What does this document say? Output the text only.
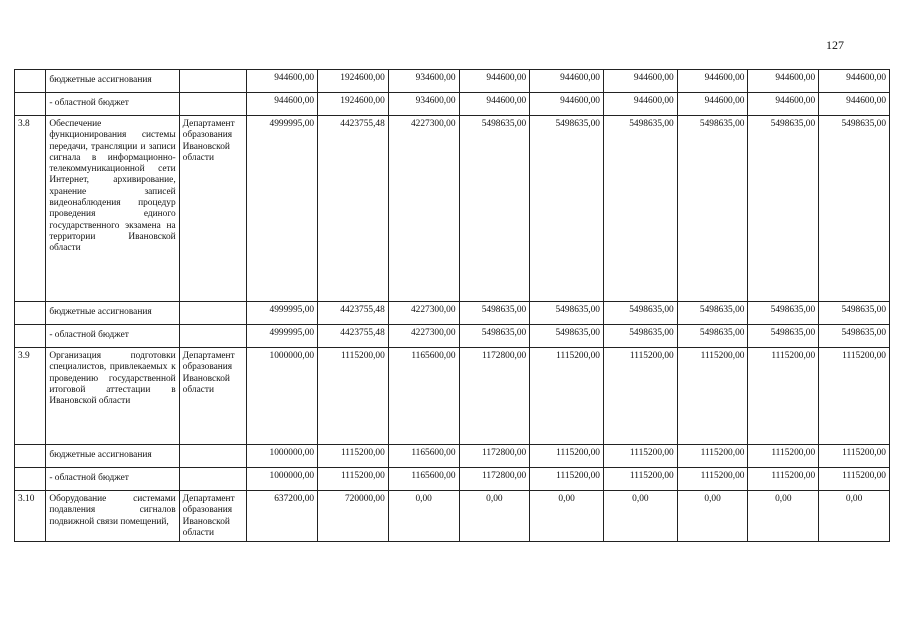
127
	бюджетные ассигнования		944600,00	1924600,00	934600,00	944600,00	944600,00	944600,00	944600,00	944600,00	944600,00
	- областной бюджет		944600,00	1924600,00	934600,00	944600,00	944600,00	944600,00	944600,00	944600,00	944600,00
3.8	Обеспечение функционирования системы передачи, трансляции и записи сигнала в информационно-телекоммуникационной сети Интернет, архивирование, хранение записей видеонаблюдения процедур проведения единого государственного экзамена на территории Ивановской области	Департамент образования Ивановской области	4999995,00	4423755,48	4227300,00	5498635,00	5498635,00	5498635,00	5498635,00	5498635,00	5498635,00
	бюджетные ассигнования		4999995,00	4423755,48	4227300,00	5498635,00	5498635,00	5498635,00	5498635,00	5498635,00	5498635,00
	- областной бюджет		4999995,00	4423755,48	4227300,00	5498635,00	5498635,00	5498635,00	5498635,00	5498635,00	5498635,00
3.9	Организация подготовки специалистов, привлекаемых к проведению государственной итоговой аттестации в Ивановской области	Департамент образования Ивановской области	1000000,00	1115200,00	1165600,00	1172800,00	1115200,00	1115200,00	1115200,00	1115200,00	1115200,00
	бюджетные ассигнования		1000000,00	1115200,00	1165600,00	1172800,00	1115200,00	1115200,00	1115200,00	1115200,00	1115200,00
	- областной бюджет		1000000,00	1115200,00	1165600,00	1172800,00	1115200,00	1115200,00	1115200,00	1115200,00	1115200,00
3.10	Оборудование системами подавления сигналов подвижной связи помещений,	Департамент образования Ивановской области	637200,00	720000,00	0,00	0,00	0,00	0,00	0,00	0,00	0,00
